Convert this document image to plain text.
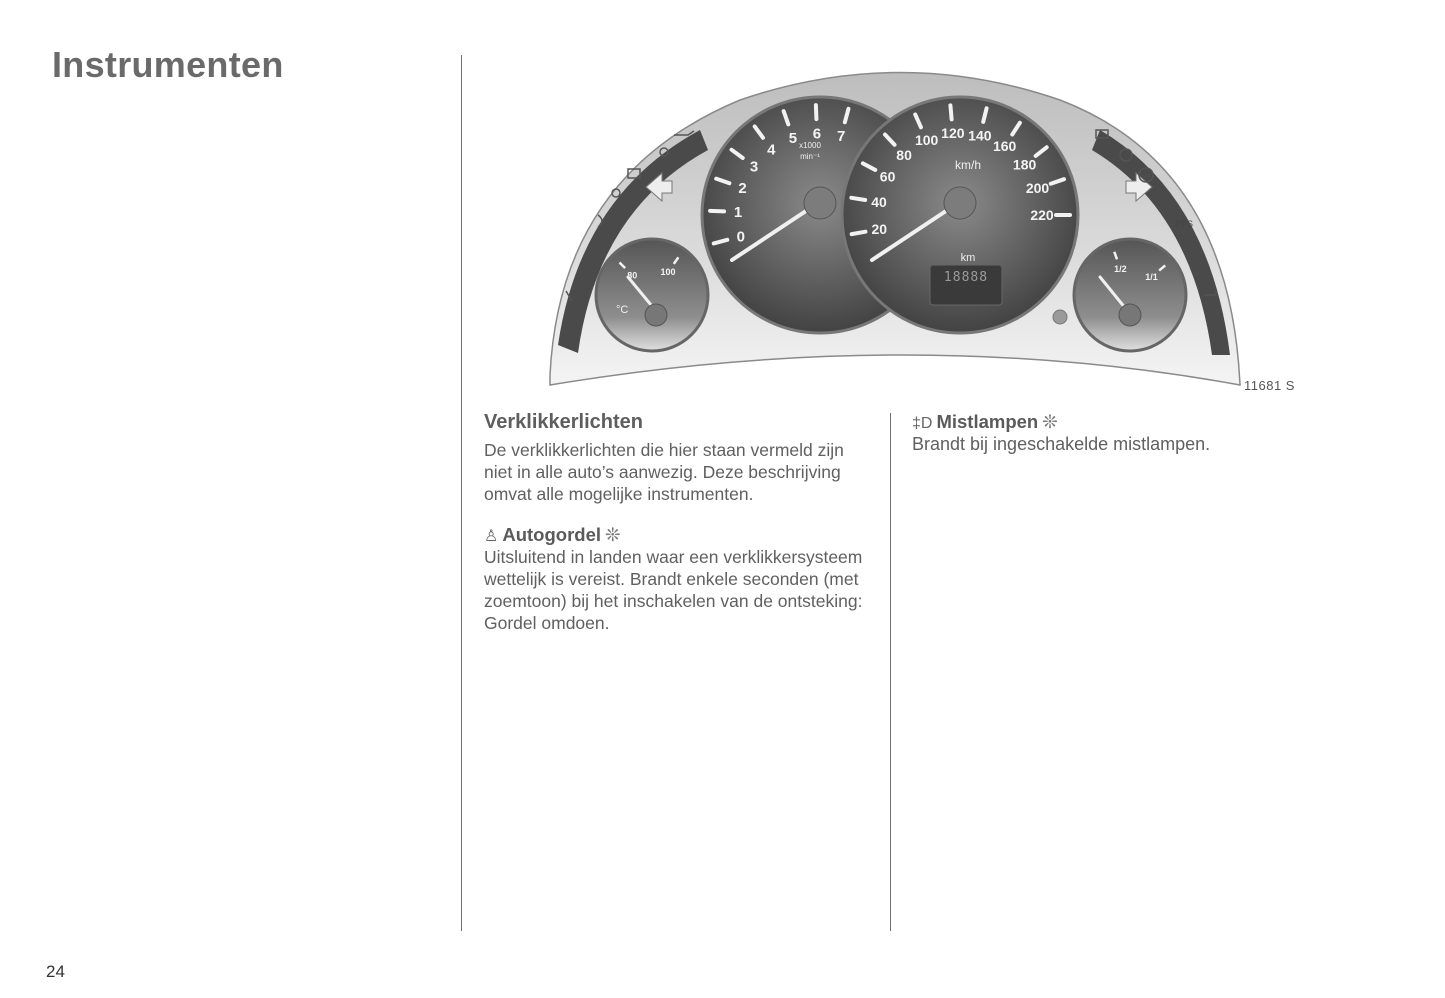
Instrumenten
x1000
min⁻¹
km/h
km
18888
°C
ABS
EPS
0
1
2
3
4
5 6 7
20
40
60
80
100 120 140
160
180
200
220
80	100	1/2
1/1
11681 S
Verklikkerlichten

De verklikkerlichten die hier staan vermeld zijn niet in alle auto’s aanwezig. Deze beschrijving omvat alle mogelijke instrumenten.

♙ Autogordel ❊

Uitsluitend in landen waar een verklikkersysteem wettelijk is vereist. Brandt enkele seconden (met zoemtoon) bij het inschakelen van de ontsteking: Gordel omdoen.

‡D Mistlampen ❊

Brandt bij ingeschakelde mistlampen.

24
